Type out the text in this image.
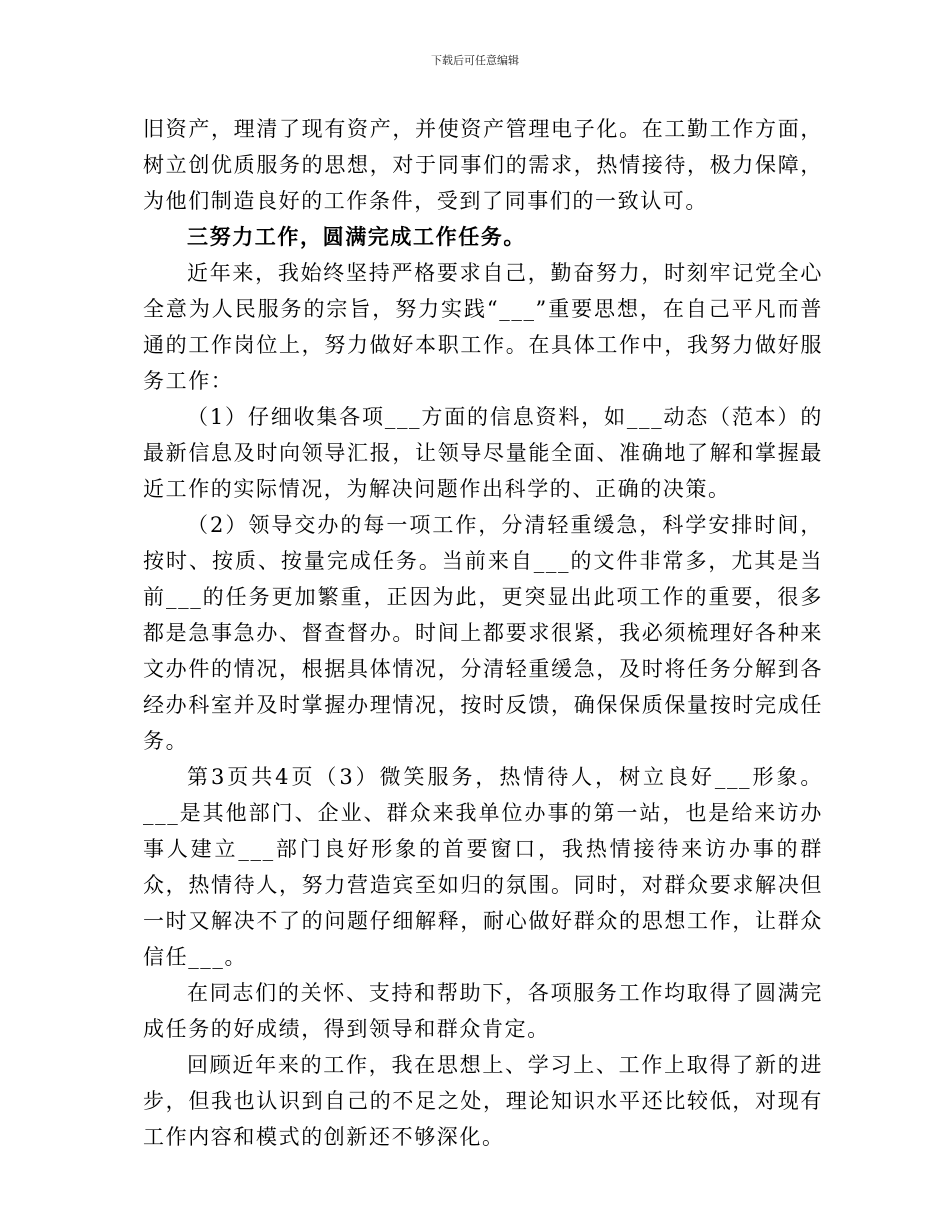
下载后可任意编辑

旧资产，理清了现有资产，并使资产管理电子化。在工勤工作方面，树立创优质服务的思想，对于同事们的需求，热情接待，极力保障，为他们制造良好的工作条件，受到了同事们的一致认可。

三努力工作，圆满完成工作任务。

近年来，我始终坚持严格要求自己，勤奋努力，时刻牢记党全心全意为人民服务的宗旨，努力实践“___”重要思想，在自己平凡而普通的工作岗位上，努力做好本职工作。在具体工作中，我努力做好服务工作：

（1）仔细收集各项___方面的信息资料，如___动态（范本）的最新信息及时向领导汇报，让领导尽量能全面、准确地了解和掌握最近工作的实际情况，为解决问题作出科学的、正确的决策。

（2）领导交办的每一项工作，分清轻重缓急，科学安排时间，按时、按质、按量完成任务。当前来自___的文件非常多，尤其是当前___的任务更加繁重，正因为此，更突显出此项工作的重要，很多都是急事急办、督查督办。时间上都要求很紧，我必须梳理好各种来文办件的情况，根据具体情况，分清轻重缓急，及时将任务分解到各经办科室并及时掌握办理情况，按时反馈，确保保质保量按时完成任务。

第3页共4页（3）微笑服务，热情待人，树立良好___形象。___是其他部门、企业、群众来我单位办事的第一站，也是给来访办事人建立___部门良好形象的首要窗口，我热情接待来访办事的群众，热情待人，努力营造宾至如归的氛围。同时，对群众要求解决但一时又解决不了的问题仔细解释，耐心做好群众的思想工作，让群众信任___。

在同志们的关怀、支持和帮助下，各项服务工作均取得了圆满完成任务的好成绩，得到领导和群众肯定。

回顾近年来的工作，我在思想上、学习上、工作上取得了新的进步，但我也认识到自己的不足之处，理论知识水平还比较低，对现有工作内容和模式的创新还不够深化。
